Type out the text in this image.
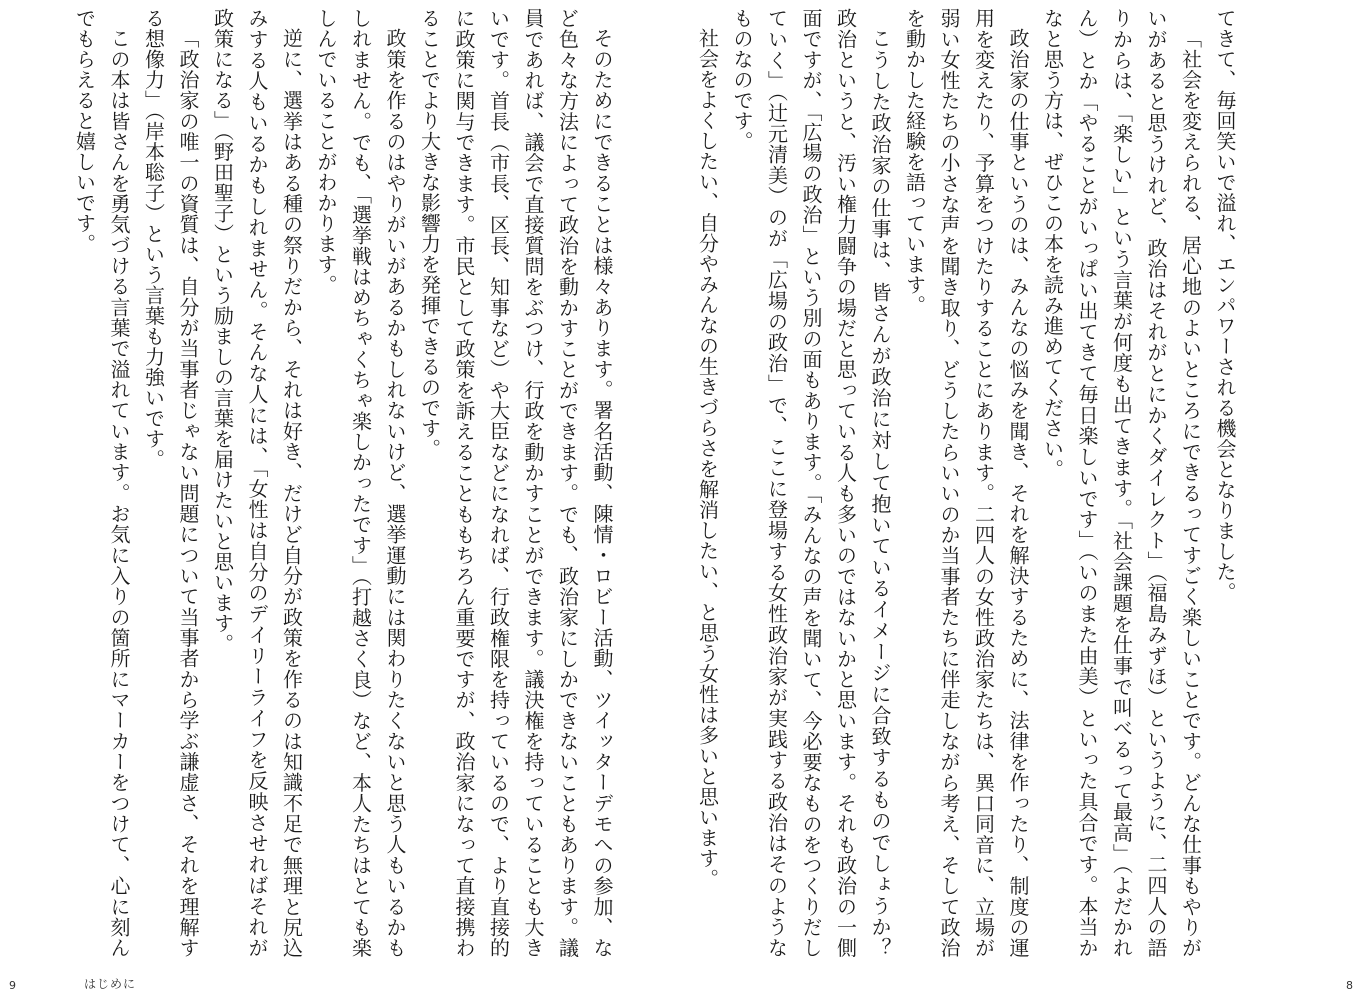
そのためにできることは様々あります。署名活動、陳情・ロビー活動、ツイッターデモへの参加、など色々な方法によって政治を動かすことができます。でも、政治家にしかできないこともあります。議員であれば、議会で直接質問をぶつけ、行政を動かすことができます。議決権を持っていることも大きいです。首長（市長、区長、知事など）や大臣などになれば、行政権限を持っているので、より直接的に政策に関与できます。市民として政策を訴えることももちろん重要ですが、政治家になって直接携わることでより大きな影響力を発揮できるのです。

政策を作るのはやりがいがあるかもしれないけど、選挙運動には関わりたくないと思う人もいるかもしれません。でも、「選挙戦はめちゃくちゃ楽しかったです」（打越さく良）など、本人たちはとても楽しんでいることがわかります。

逆に、選挙はある種の祭りだから、それは好き、だけど自分が政策を作るのは知識不足で無理と尻込みする人もいるかもしれません。そんな人には、「女性は自分のデイリーライフを反映させればそれが政策になる」（野田聖子）という励ましの言葉を届けたいと思います。

「政治家の唯一の資質は、自分が当事者じゃない問題について当事者から学ぶ謙虚さ、それを理解する想像力」（岸本聡子）という言葉も力強いです。

この本は皆さんを勇気づける言葉で溢れています。お気に入りの箇所にマーカーをつけて、心に刻んでもらえると嬉しいです。

9	はじめに

てきて、毎回笑いで溢れ、エンパワーされる機会となりました。

「社会を変えられる、居心地のよいところにできるってすごく楽しいことです。どんな仕事もやりがいがあると思うけれど、政治はそれがとにかくダイレクト」（福島みずほ）というように、二四人の語りからは、「楽しい」という言葉が何度も出てきます。「社会課題を仕事で叫べるって最高」（よだかれん）とか「やることがいっぱい出てきて毎日楽しいです」（いのまた由美）といった具合です。本当かなと思う方は、ぜひこの本を読み進めてください。

政治家の仕事というのは、みんなの悩みを聞き、それを解決するために、法律を作ったり、制度の運用を変えたり、予算をつけたりすることにあります。二四人の女性政治家たちは、異口同音に、立場が弱い女性たちの小さな声を聞き取り、どうしたらいいのか当事者たちに伴走しながら考え、そして政治を動かした経験を語っています。

こうした政治家の仕事は、皆さんが政治に対して抱いているイメージに合致するものでしょうか？　政治というと、汚い権力闘争の場だと思っている人も多いのではないかと思います。それも政治の一側面ですが、「広場の政治」という別の面もあります。「みんなの声を聞いて、今必要なものをつくりだしていく」（辻元清美）のが「広場の政治」で、ここに登場する女性政治家が実践する政治はそのようなものなのです。

社会をよくしたい、自分やみんなの生きづらさを解消したい、と思う女性は多いと思います。

8
